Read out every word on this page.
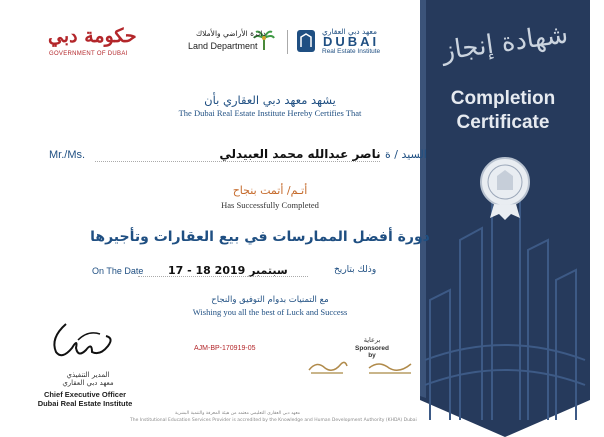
شهادة إنجاز
Completion
Certificate
حكومة دبي
GOVERNMENT OF DUBAI
دائرة الأراضي والأملاك
Land Department
معهد دبي العقاري
DUBAI
Real Estate Institute
يشهد معهد دبي العقاري بأن
The Dubai Real Estate Institute Hereby Certifies That
Mr./Ms.	السيد / ة
ناصر عبدالله محمد العبيدلي
أتـم/ أتمت بنجاح
Has Successfully Completed
دورة أفضل الممارسات في بيع العقارات وتأجيرها
On The Date 17 - 18 سبتمبر 2019	وذلك بتاريخ
مع التمنيات بدوام التوفيق والنجاح
Wishing you all the best of Luck and Success
المدير التنفيذي
معهد دبي العقاري
Chief Executive Officer
Dubai Real Estate Institute
AJM-BP-170919-05
برعاية
Sponsored by
معهد دبي العقاري التعليمي معتمد من هيئة المعرفة والتنمية البشرية
The Institutional Education Services Provider is accredited by the Knowledge and Human Development Authority (KHDA) Dubai
